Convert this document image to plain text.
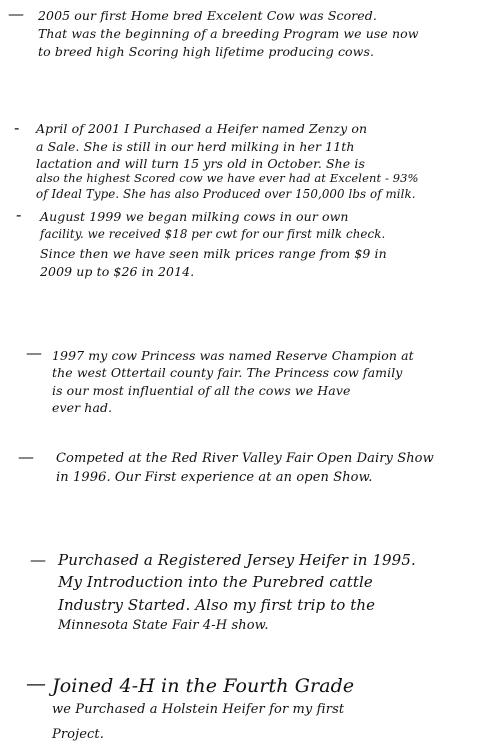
— 2005 our first Home bred Excelent Cow was Scored.
That was the beginning of a breeding Program we use now
to breed high Scoring high lifetime producing cows.
- April of 2001 I Purchased a Heifer named Zenzy on
a Sale. She is still in our herd milking in her 11th
lactation and will turn 15 yrs old in October. She is
also the highest Scored cow we have ever had at Excelent - 93%
of Ideal Type. She has also Produced over 150,000 lbs of milk.
- August 1999 we began milking cows in our own
facility. we received $18 per cwt for our first milk check.
Since then we have seen milk prices range from $9 in
2009 up to $26 in 2014.
— 1997 my cow Princess was named Reserve Champion at
the west Ottertail county fair. The Princess cow family
is our most influential of all the cows we Have
ever had.
— Competed at the Red River Valley Fair Open Dairy Show
in 1996. Our First experience at an open Show.
— Purchased a Registered Jersey Heifer in 1995.
My Introduction into the Purebred cattle
Industry Started. Also my first trip to the
Minnesota State Fair 4-H show.
— Joined 4-H in the Fourth Grade
we Purchased a Holstein Heifer for my first
Project.
